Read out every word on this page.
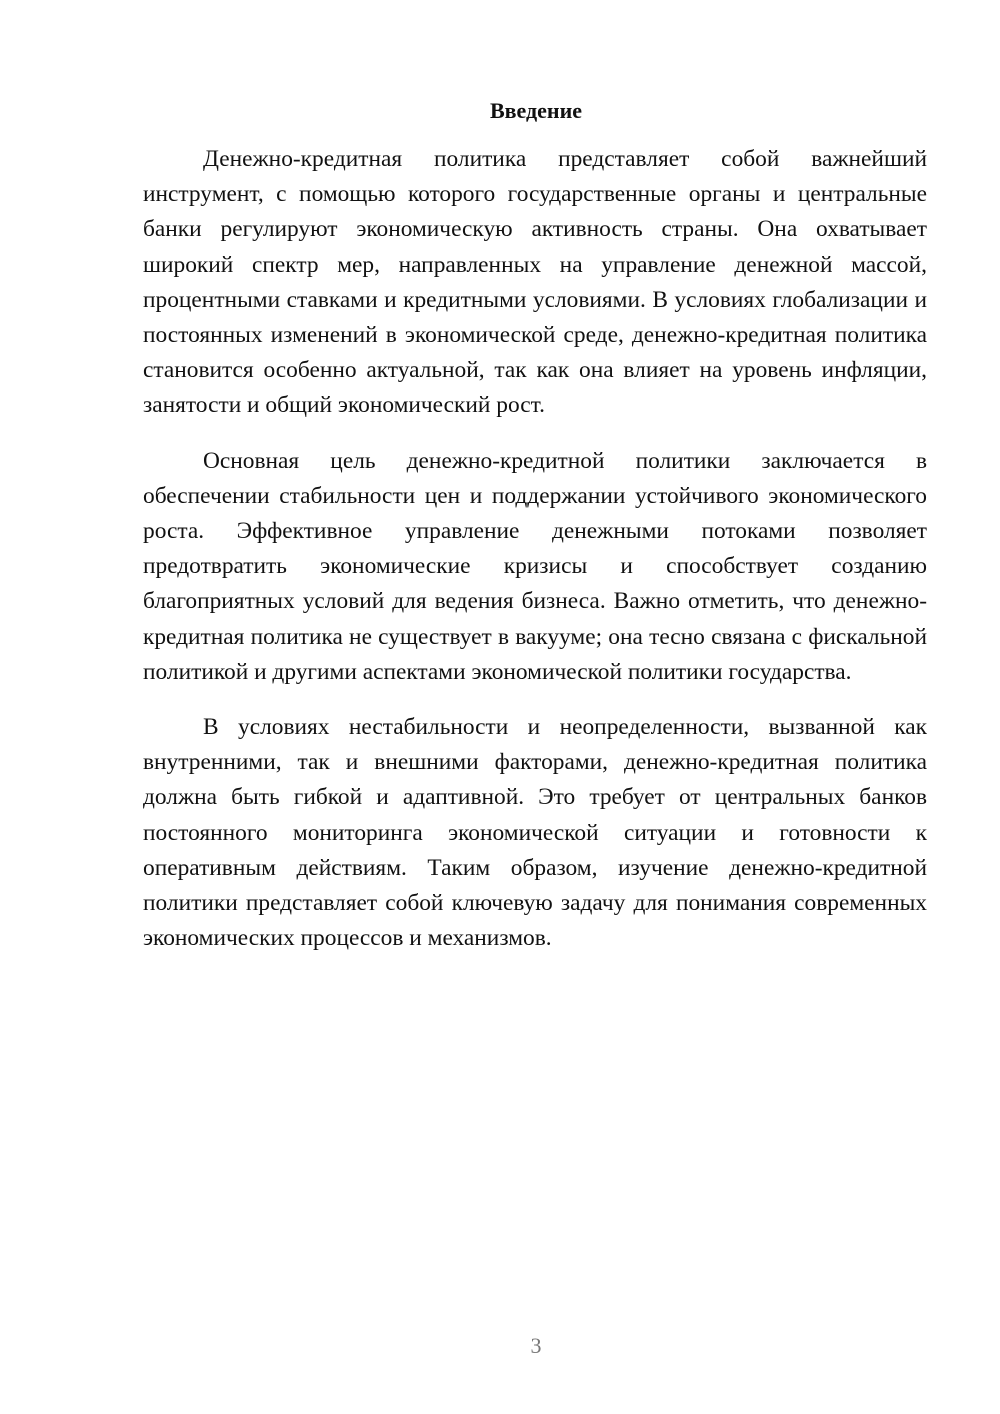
Введение

Денежно-кредитная политика представляет собой важнейший инструмент, с помощью которого государственные органы и центральные банки регулируют экономическую активность страны. Она охватывает широкий спектр мер, направленных на управление денежной массой, процентными ставками и кредитными условиями. В условиях глобализации и постоянных изменений в экономической среде, денежно-кредитная политика становится особенно актуальной, так как она влияет на уровень инфляции, занятости и общий экономический рост.

Основная цель денежно-кредитной политики заключается в обеспечении стабильности цен и поддержании устойчивого экономического роста. Эффективное управление денежными потоками позволяет предотвратить экономические кризисы и способствует созданию благоприятных условий для ведения бизнеса. Важно отметить, что денежно-кредитная политика не существует в вакууме; она тесно связана с фискальной политикой и другими аспектами экономической политики государства.

В условиях нестабильности и неопределенности, вызванной как внутренними, так и внешними факторами, денежно-кредитная политика должна быть гибкой и адаптивной. Это требует от центральных банков постоянного мониторинга экономической ситуации и готовности к оперативным действиям. Таким образом, изучение денежно-кредитной политики представляет собой ключевую задачу для понимания современных экономических процессов и механизмов.

3
